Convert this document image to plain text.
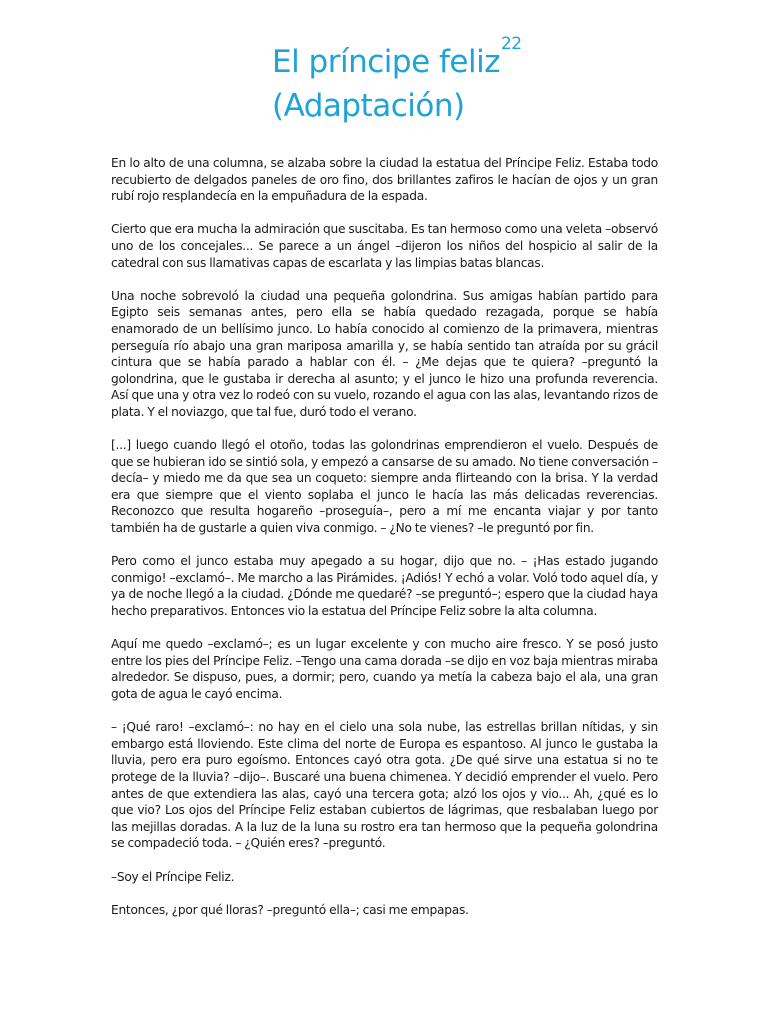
El príncipe feliz$^{22}$
(Adaptación)

En lo alto de una columna, se alzaba sobre la ciudad la estatua del Príncipe Feliz. Estaba todo recubierto de delgados paneles de oro fino, dos brillantes zafiros le hacían de ojos y un gran rubí rojo resplandecía en la empuñadura de la espada.

Cierto que era mucha la admiración que suscitaba. Es tan hermoso como una veleta –observó uno de los concejales... Se parece a un ángel –dijeron los niños del hospicio al salir de la catedral con sus llamativas capas de escarlata y las limpias batas blancas.

Una noche sobrevoló la ciudad una pequeña golondrina. Sus amigas habían partido para Egipto seis semanas antes, pero ella se había quedado rezagada, porque se había enamorado de un bellísimo junco. Lo había conocido al comienzo de la primavera, mientras perseguía río abajo una gran mariposa amarilla y, se había sentido tan atraída por su grácil cintura que se había parado a hablar con él. – ¿Me dejas que te quiera? –preguntó la golondrina, que le gustaba ir derecha al asunto; y el junco le hizo una profunda reverencia. Así que una y otra vez lo rodeó con su vuelo, rozando el agua con las alas, levantando rizos de plata. Y el noviazgo, que tal fue, duró todo el verano.

[...] luego cuando llegó el otoño, todas las golondrinas emprendieron el vuelo. Después de que se hubieran ido se sintió sola, y empezó a cansarse de su amado. No tiene conversación –decía– y miedo me da que sea un coqueto: siempre anda flirteando con la brisa. Y la verdad era que siempre que el viento soplaba el junco le hacía las más delicadas reverencias. Reconozco que resulta hogareño –proseguía–, pero a mí me encanta viajar y por tanto también ha de gustarle a quien viva conmigo. – ¿No te vienes? –le preguntó por fin.

Pero como el junco estaba muy apegado a su hogar, dijo que no. – ¡Has estado jugando conmigo! –exclamó–. Me marcho a las Pirámides. ¡Adiós! Y echó a volar. Voló todo aquel día, y ya de noche llegó a la ciudad. ¿Dónde me quedaré? –se preguntó–; espero que la ciudad haya hecho preparativos. Entonces vio la estatua del Príncipe Feliz sobre la alta columna.

Aquí me quedo –exclamó–; es un lugar excelente y con mucho aire fresco. Y se posó justo entre los pies del Príncipe Feliz. –Tengo una cama dorada –se dijo en voz baja mientras miraba alrededor. Se dispuso, pues, a dormir; pero, cuando ya metía la cabeza bajo el ala, una gran gota de agua le cayó encima.

– ¡Qué raro! –exclamó–: no hay en el cielo una sola nube, las estrellas brillan nítidas, y sin embargo está lloviendo. Este clima del norte de Europa es espantoso. Al junco le gustaba la lluvia, pero era puro egoísmo. Entonces cayó otra gota. ¿De qué sirve una estatua si no te protege de la lluvia? –dijo–. Buscaré una buena chimenea. Y decidió emprender el vuelo. Pero antes de que extendiera las alas, cayó una tercera gota; alzó los ojos y vio... Ah, ¿qué es lo que vio? Los ojos del Príncipe Feliz estaban cubiertos de lágrimas, que resbalaban luego por las mejillas doradas. A la luz de la luna su rostro era tan hermoso que la pequeña golondrina se compadeció toda. – ¿Quién eres? –preguntó.

–Soy el Príncipe Feliz.

Entonces, ¿por qué lloras? –preguntó ella–; casi me empapas.
